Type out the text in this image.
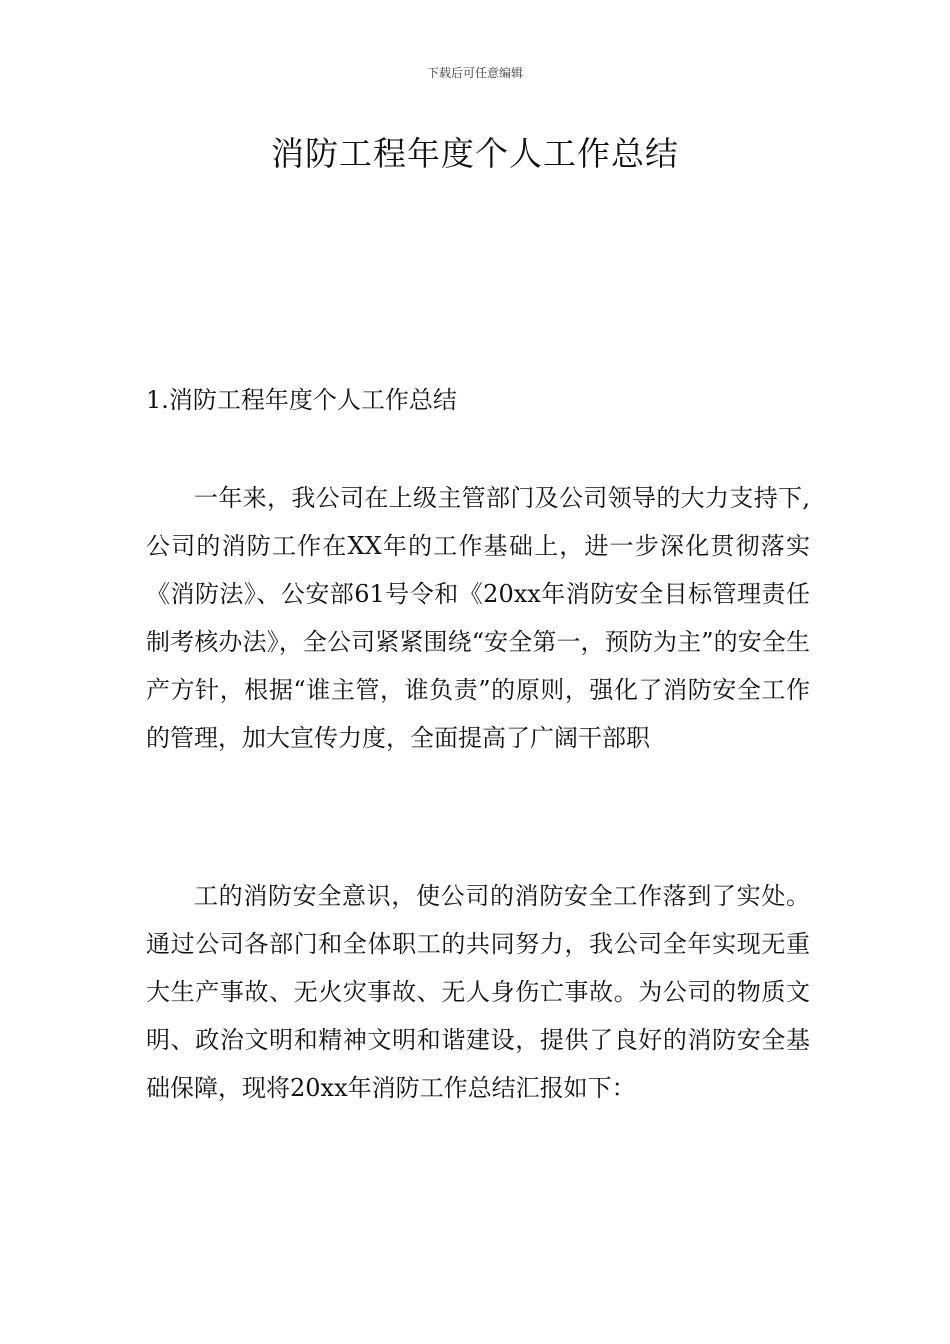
下载后可任意编辑
消防工程年度个人工作总结
1.消防工程年度个人工作总结

一年来，我公司在上级主管部门及公司领导的大力支持下,公司的消防工作在XX年的工作基础上，进一步深化贯彻落实《消防法》、公安部61号令和《20xx年消防安全目标管理责任制考核办法》，全公司紧紧围绕“安全第一，预防为主”的安全生产方针，根据“谁主管，谁负责”的原则，强化了消防安全工作的管理，加大宣传力度，全面提高了广阔干部职

工的消防安全意识，使公司的消防安全工作落到了实处。通过公司各部门和全体职工的共同努力，我公司全年实现无重大生产事故、无火灾事故、无人身伤亡事故。为公司的物质文明、政治文明和精神文明和谐建设，提供了良好的消防安全基础保障，现将20xx年消防工作总结汇报如下：
